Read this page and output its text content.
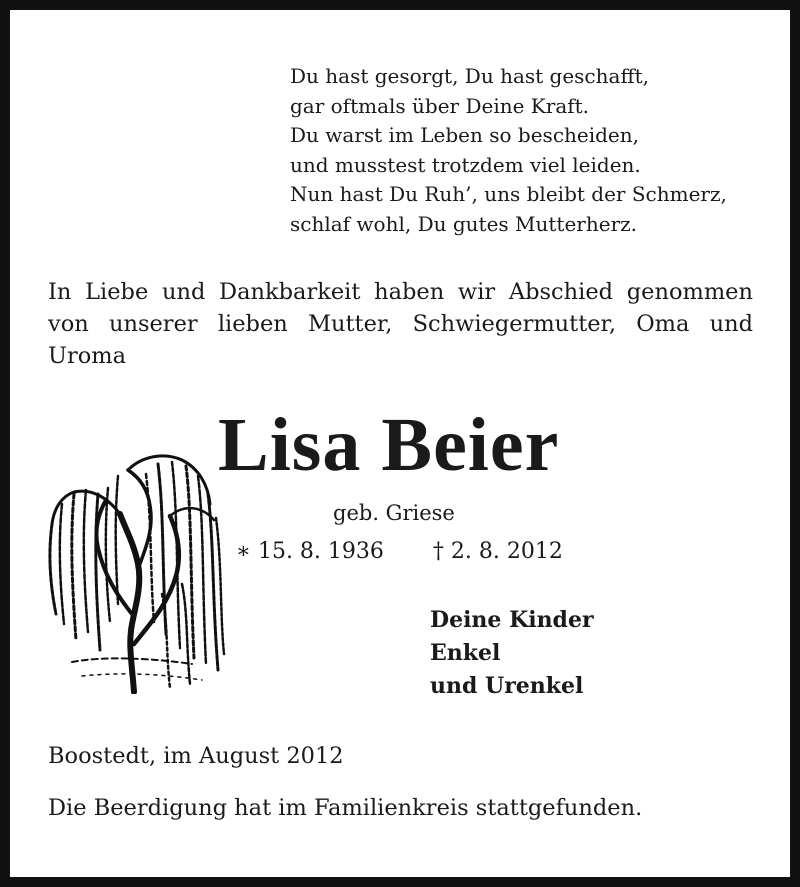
Du hast gesorgt, Du hast geschafft,
gar oftmals über Deine Kraft.
Du warst im Leben so bescheiden,
und musstest trotzdem viel leiden.
Nun hast Du Ruh’, uns bleibt der Schmerz,
schlaf wohl, Du gutes Mutterherz.
In Liebe und Dankbarkeit haben wir Abschied genommen von unserer lieben Mutter, Schwiegermutter, Oma und Uroma
Lisa Beier
geb. Griese
∗ 15. 8. 1936 † 2. 8. 2012
Deine Kinder
Enkel
und Urenkel
Boostedt, im August 2012
Die Beerdigung hat im Familienkreis stattgefunden.
